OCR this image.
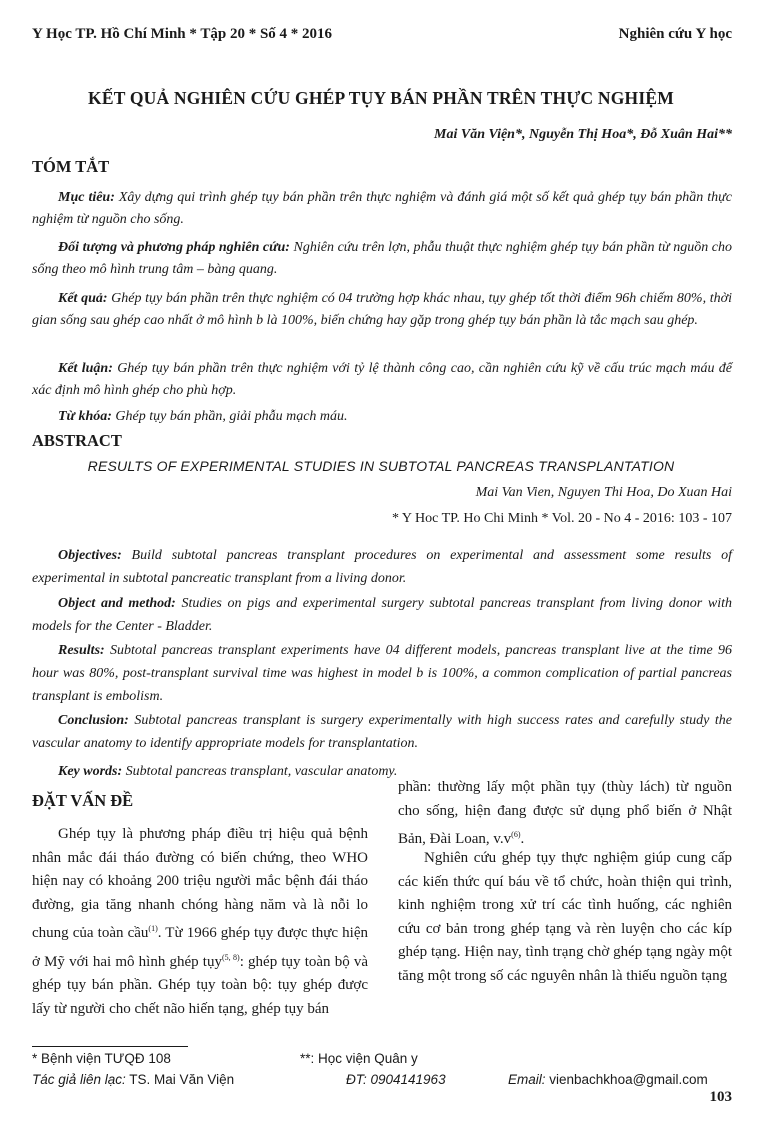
Y Học TP. Hồ Chí Minh * Tập 20 * Số 4 * 2016	Nghiên cứu Y học
KẾT QUẢ NGHIÊN CỨU GHÉP TỤY BÁN PHẦN TRÊN THỰC NGHIỆM
Mai Văn Viện*, Nguyễn Thị Hoa*, Đỗ Xuân Hai**
TÓM TẮT

Mục tiêu: Xây dựng qui trình ghép tụy bán phần trên thực nghiệm và đánh giá một số kết quả ghép tụy bán phần thực nghiệm từ nguồn cho sống.

Đối tượng và phương pháp nghiên cứu: Nghiên cứu trên lợn, phẫu thuật thực nghiệm ghép tụy bán phần từ nguồn cho sống theo mô hình trung tâm – bàng quang.

Kết quả: Ghép tụy bán phần trên thực nghiệm có 04 trường hợp khác nhau, tụy ghép tốt thời điểm 96h chiếm 80%, thời gian sống sau ghép cao nhất ở mô hình b là 100%, biến chứng hay gặp trong ghép tụy bán phần là tắc mạch sau ghép.

Kết luận: Ghép tụy bán phần trên thực nghiệm với tỷ lệ thành công cao, cần nghiên cứu kỹ về cấu trúc mạch máu để xác định mô hình ghép cho phù hợp.

Từ khóa: Ghép tụy bán phần, giải phẫu mạch máu.

ABSTRACT
RESULTS OF EXPERIMENTAL STUDIES IN SUBTOTAL PANCREAS TRANSPLANTATION
Mai Van Vien, Nguyen Thi Hoa, Do Xuan Hai
* Y Hoc TP. Ho Chi Minh * Vol. 20 - No 4 - 2016: 103 - 107

Objectives: Build subtotal pancreas transplant procedures on experimental and assessment some results of experimental in subtotal pancreatic transplant from a living donor.

Object and method: Studies on pigs and experimental surgery subtotal pancreas transplant from living donor with models for the Center - Bladder.

Results: Subtotal pancreas transplant experiments have 04 different models, pancreas transplant live at the time 96 hour was 80%, post-transplant survival time was highest in model b is 100%, a common complication of partial pancreas transplant is embolism.

Conclusion: Subtotal pancreas transplant is surgery experimentally with high success rates and carefully study the vascular anatomy to identify appropriate models for transplantation.

Key words: Subtotal pancreas transplant, vascular anatomy.

ĐẶT VẤN ĐỀ

Ghép tụy là phương pháp điều trị hiệu quả bệnh nhân mắc đái tháo đường có biến chứng, theo WHO hiện nay có khoảng 200 triệu người mắc bệnh đái tháo đường, gia tăng nhanh chóng hàng năm và là nỗi lo chung của toàn cầu$^{(1)}$. Từ 1966 ghép tụy được thực hiện ở Mỹ với hai mô hình ghép tụy$^{(5, 8)}$: ghép tụy toàn bộ và ghép tụy bán phần. Ghép tụy toàn bộ: tụy ghép được lấy từ người cho chết não hiến tạng, ghép tụy bán

phần: thường lấy một phần tụy (thùy lách) từ nguồn cho sống, hiện đang được sử dụng phổ biến ở Nhật Bản, Đài Loan, $v.v^{(6)}$.

Nghiên cứu ghép tụy thực nghiệm giúp cung cấp các kiến thức quí báu về tổ chức, hoàn thiện qui trình, kinh nghiệm trong xử trí các tình huống, các nghiên cứu cơ bản trong ghép tạng và rèn luyện cho các kíp ghép tạng. Hiện nay, tình trạng chờ ghép tạng ngày một tăng một trong số các nguyên nhân là thiếu nguồn tạng

* Bệnh viện TƯQĐ 108	**: Học viện Quân y
Tác giả liên lạc: TS. Mai Văn Viện	ĐT: 0904141963	Email: vienbachkhoa@gmail.com
103
